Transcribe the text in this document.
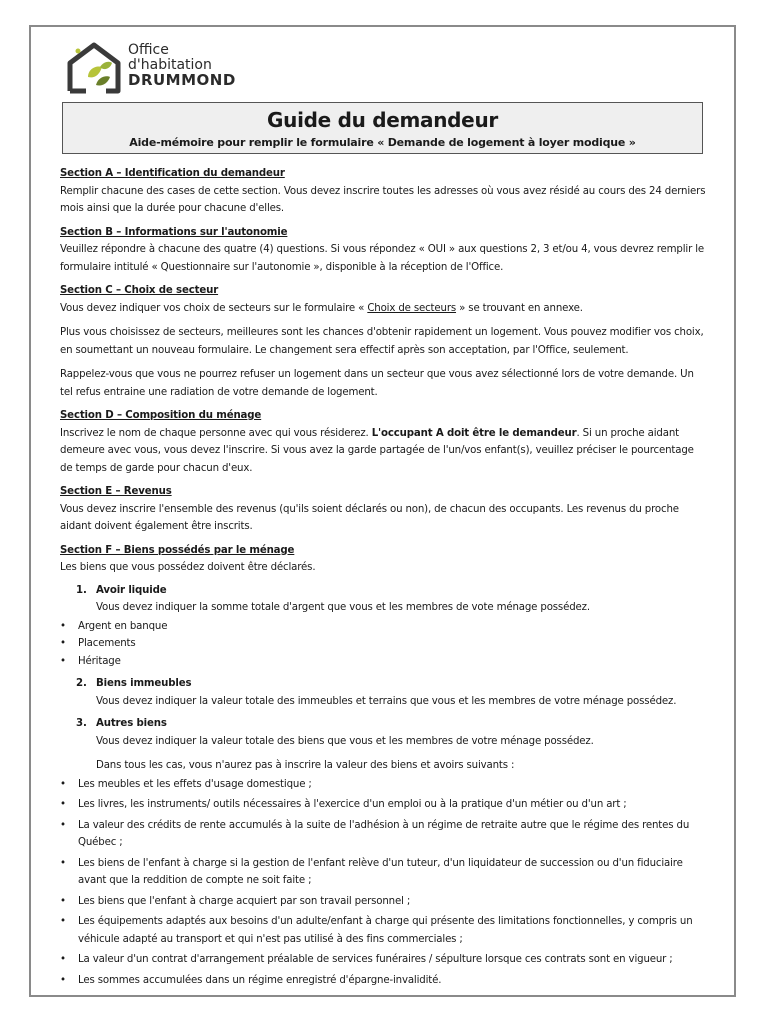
Office
d'habitation
DRUMMOND
Guide du demandeur
Aide-mémoire pour remplir le formulaire « Demande de logement à loyer modique »

Section A – Identification du demandeur

Remplir chacune des cases de cette section. Vous devez inscrire toutes les adresses où vous avez résidé au cours des 24 derniers mois ainsi que la durée pour chacune d'elles.

Section B – Informations sur l'autonomie

Veuillez répondre à chacune des quatre (4) questions. Si vous répondez « OUI » aux questions 2, 3 et/ou 4, vous devrez remplir le formulaire intitulé « Questionnaire sur l'autonomie », disponible à la réception de l'Office.

Section C – Choix de secteur

Vous devez indiquer vos choix de secteurs sur le formulaire « Choix de secteurs » se trouvant en annexe.

Plus vous choisissez de secteurs, meilleures sont les chances d'obtenir rapidement un logement. Vous pouvez modifier vos choix, en soumettant un nouveau formulaire. Le changement sera effectif après son acceptation, par l'Office, seulement.

Rappelez-vous que vous ne pourrez refuser un logement dans un secteur que vous avez sélectionné lors de votre demande. Un tel refus entraine une radiation de votre demande de logement.

Section D – Composition du ménage

Inscrivez le nom de chaque personne avec qui vous résiderez. L'occupant A doit être le demandeur. Si un proche aidant demeure avec vous, vous devez l'inscrire. Si vous avez la garde partagée de l'un/vos enfant(s), veuillez préciser le pourcentage de temps de garde pour chacun d'eux.

Section E – Revenus

Vous devez inscrire l'ensemble des revenus (qu'ils soient déclarés ou non), de chacun des occupants. Les revenus du proche aidant doivent également être inscrits.

Section F – Biens possédés par le ménage

Les biens que vous possédez doivent être déclarés.

1. Avoir liquide

Vous devez indiquer la somme totale d'argent que vous et les membres de vote ménage possédez.

• Argent en banque
• Placements
• Héritage
2. Biens immeubles

Vous devez indiquer la valeur totale des immeubles et terrains que vous et les membres de votre ménage possédez.

3. Autres biens

Vous devez indiquer la valeur totale des biens que vous et les membres de votre ménage possédez.

Dans tous les cas, vous n'aurez pas à inscrire la valeur des biens et avoirs suivants :

• Les meubles et les effets d'usage domestique ;
• Les livres, les instruments/ outils nécessaires à l'exercice d'un emploi ou à la pratique d'un métier ou d'un art ;
• La valeur des crédits de rente accumulés à la suite de l'adhésion à un régime de retraite autre que le régime des rentes du Québec ;
• Les biens de l'enfant à charge si la gestion de l'enfant relève d'un tuteur, d'un liquidateur de succession ou d'un fiduciaire avant que la reddition de compte ne soit faite ;
• Les biens que l'enfant à charge acquiert par son travail personnel ;
• Les équipements adaptés aux besoins d'un adulte/enfant à charge qui présente des limitations fonctionnelles, y compris un véhicule adapté au transport et qui n'est pas utilisé à des fins commerciales ;
• La valeur d'un contrat d'arrangement préalable de services funéraires / sépulture lorsque ces contrats sont en vigueur ;
• Les sommes accumulées dans un régime enregistré d'épargne-invalidité.
